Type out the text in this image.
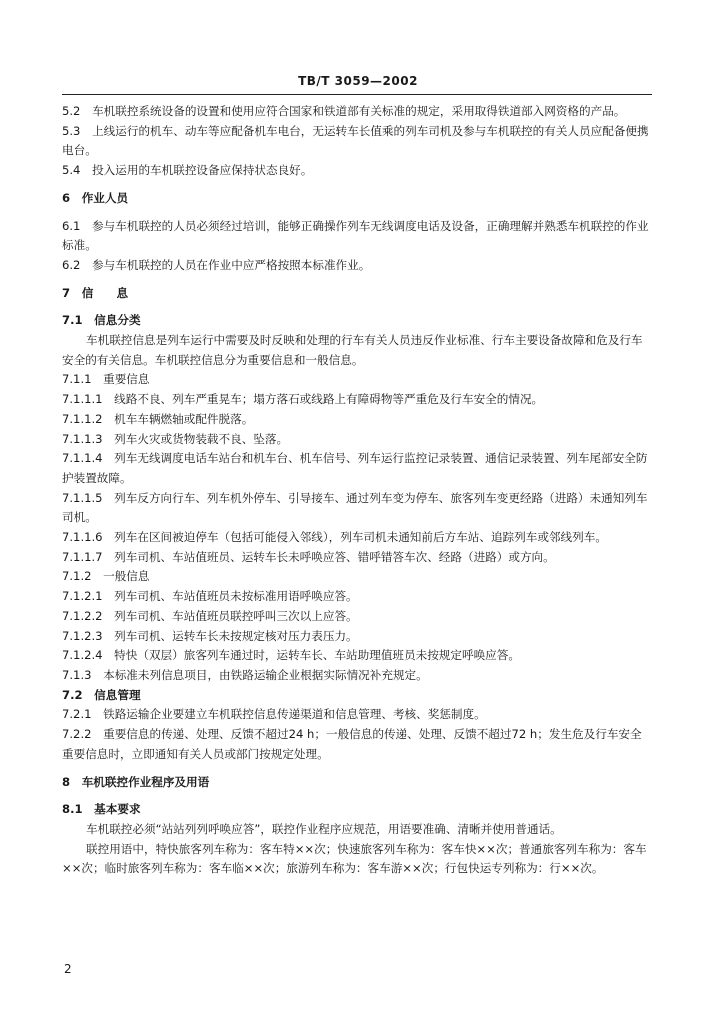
TB/T 3059—2002

5.2　 车机联控系统设备的设置和使用应符合国家和铁道部有关标准的规定，采用取得铁道部入网资格的产品。

5.3　 上线运行的机车、动车等应配备机车电台，无运转车长值乘的列车司机及参与车机联控的有关人员应配备便携电台。

5.4　 投入运用的车机联控设备应保持状态良好。

6　 作业人员

6.1　 参与车机联控的人员必须经过培训，能够正确操作列车无线调度电话及设备，正确理解并熟悉车机联控的作业标准。

6.2　 参与车机联控的人员在作业中应严格按照本标准作业。

7　 信　　息

7.1　 信息分类

车机联控信息是列车运行中需要及时反映和处理的行车有关人员违反作业标准、行车主要设备故障和危及行车安全的有关信息。车机联控信息分为重要信息和一般信息。

7.1.1　 重要信息

7.1.1.1　 线路不良、列车严重晃车；塌方落石或线路上有障碍物等严重危及行车安全的情况。

7.1.1.2　 机车车辆燃轴或配件脱落。

7.1.1.3　 列车火灾或货物装载不良、坠落。

7.1.1.4　 列车无线调度电话车站台和机车台、机车信号、列车运行监控记录装置、通信记录装置、列车尾部安全防护装置故障。

7.1.1.5　 列车反方向行车、列车机外停车、引导接车、通过列车变为停车、旅客列车变更经路（进路）未通知列车司机。

7.1.1.6　 列车在区间被迫停车（包括可能侵入邻线），列车司机未通知前后方车站、追踪列车或邻线列车。

7.1.1.7　 列车司机、车站值班员、运转车长未呼唤应答、错呼错答车次、经路（进路）或方向。

7.1.2　 一般信息

7.1.2.1　 列车司机、车站值班员未按标准用语呼唤应答。

7.1.2.2　 列车司机、车站值班员联控呼叫三次以上应答。

7.1.2.3　 列车司机、运转车长未按规定核对压力表压力。

7.1.2.4　 特快（双层）旅客列车通过时，运转车长、车站助理值班员未按规定呼唤应答。

7.1.3　 本标准未列信息项目，由铁路运输企业根据实际情况补充规定。

7.2　 信息管理

7.2.1　 铁路运输企业要建立车机联控信息传递渠道和信息管理、考核、奖惩制度。

7.2.2　 重要信息的传递、处理、反馈不超过24 h；一般信息的传递、处理、反馈不超过72 h；发生危及行车安全重要信息时，立即通知有关人员或部门按规定处理。

8　 车机联控作业程序及用语

8.1　 基本要求

车机联控必须“站站列列呼唤应答”，联控作业程序应规范，用语要准确、清晰并使用普通话。

联控用语中，特快旅客列车称为：客车特××次；快速旅客列车称为：客车快××次；普通旅客列车称为：客车××次；临时旅客列车称为：客车临××次；旅游列车称为：客车游××次；行包快运专列称为：行××次。

2
